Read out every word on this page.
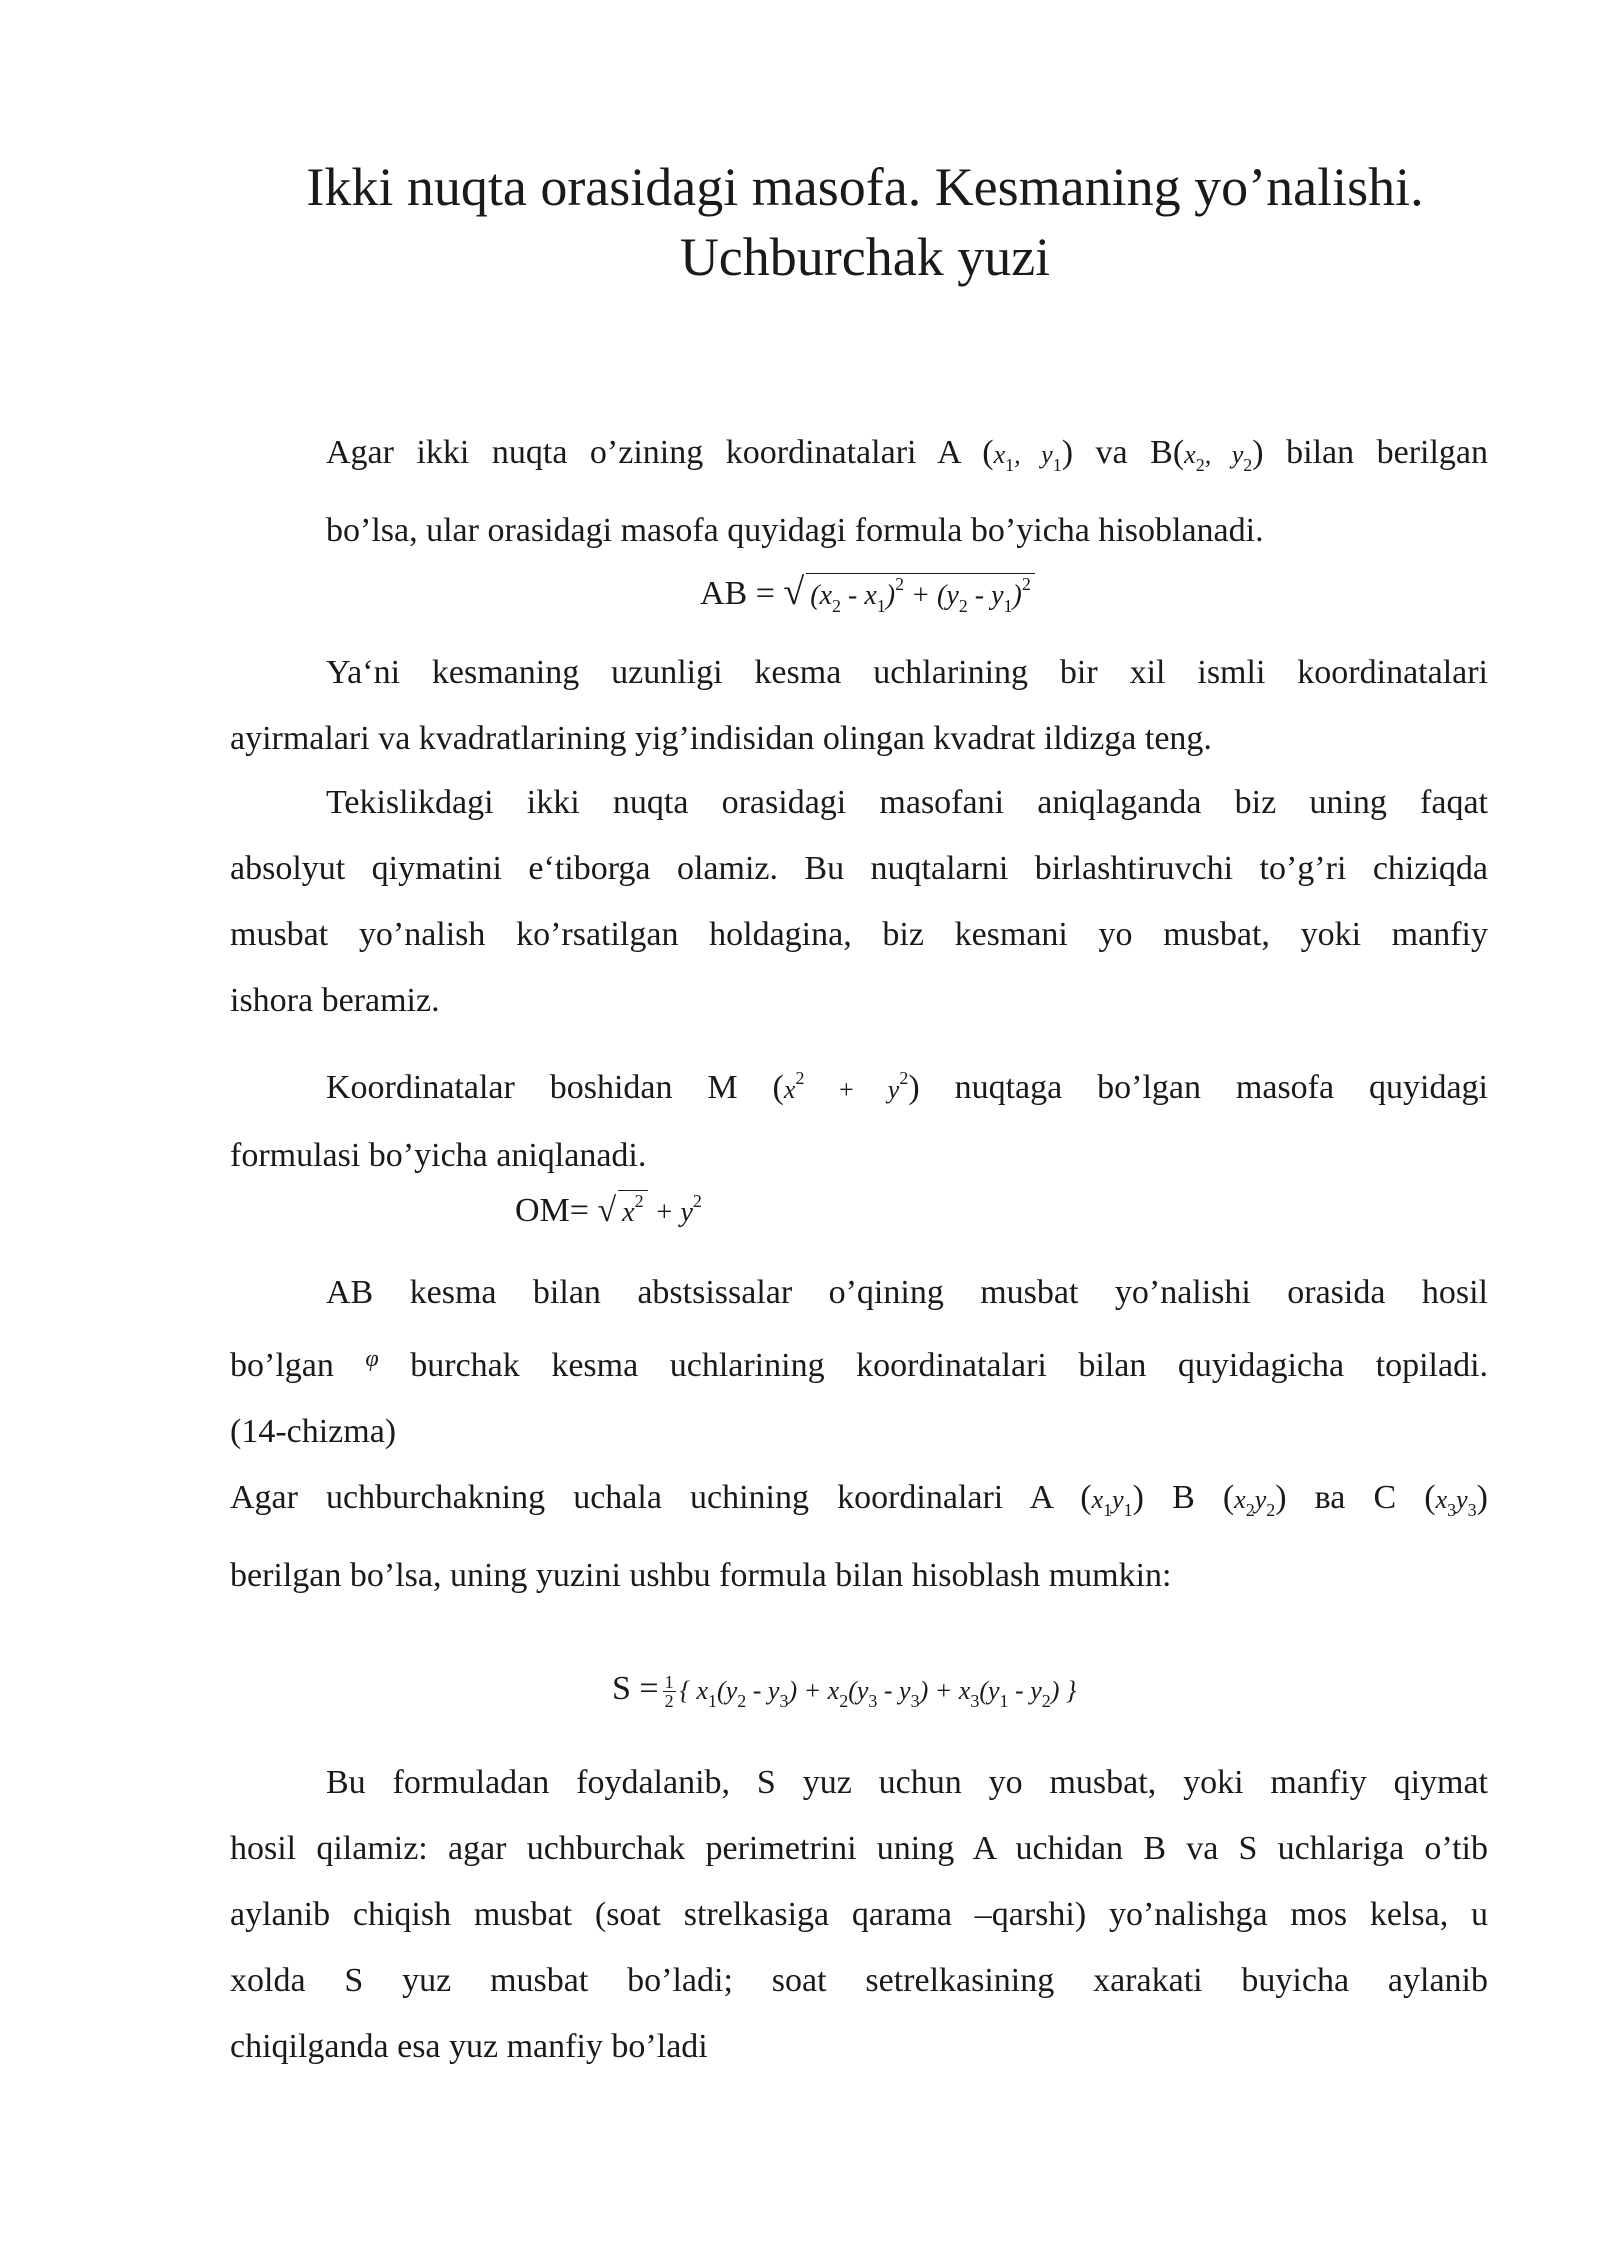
Ikki nuqta orasidagi masofa. Kesmaning yo’nalishi.
Uchburchak yuzi
Agar ikki nuqta o’zining koordinatalari A ($x_1$, $y_1$) va $B(x_2$, $y_2$) bilan berilgan
bo’lsa, ular orasidagi masofa quyidagi formula bo’yicha hisoblanadi.
AB = √ $(x_2 - x_1)^2 + (y_2 - y_1)^2$
Ya‘ni kesmaning uzunligi kesma uchlarining bir xil ismli koordinatalari
ayirmalari va kvadratlarining yig’indisidan olingan kvadrat ildizga teng.
Tekislikdagi ikki nuqta orasidagi masofani aniqlaganda biz uning faqat
absolyut qiymatini e‘tiborga olamiz. Bu nuqtalarni birlashtiruvchi to’g’ri chiziqda
musbat yo’nalish ko’rsatilgan holdagina, biz kesmani yo musbat, yoki manfiy
ishora beramiz.
Koordinatalar boshidan M $(x^2 + y^2)$ nuqtaga bo’lgan masofa quyidagi
formulasi bo’yicha aniqlanadi.
OM= √ $x^2 + y^2$
AB kesma bilan abstsissalar o’qining musbat yo’nalishi orasida hosil
bo’lgan $^\varphi$ burchak kesma uchlarining koordinatalari bilan quyidagicha topiladi.
(14-chizma)
Agar uchburchakning uchala uchining koordinalari A $(x_1y_1)$ B $(x_2y_2)$ ва C $(x_3y_3)$
berilgan bo’lsa, uning yuzini ushbu formula bilan hisoblash mumkin:
$S = \frac{1}{2}$ { $x_1(y_2 - y_3) + x_2(y_3 - y_3) + x_3(y_1 - y_2)$ }
Bu formuladan foydalanib, S yuz uchun yo musbat, yoki manfiy qiymat
hosil qilamiz: agar uchburchak perimetrini uning A uchidan B va S uchlariga o’tib
aylanib chiqish musbat (soat strelkasiga qarama –qarshi) yo’nalishga mos kelsa, u
xolda S yuz musbat bo’ladi; soat setrelkasining xarakati buyicha aylanib
chiqilganda esa yuz manfiy bo’ladi
